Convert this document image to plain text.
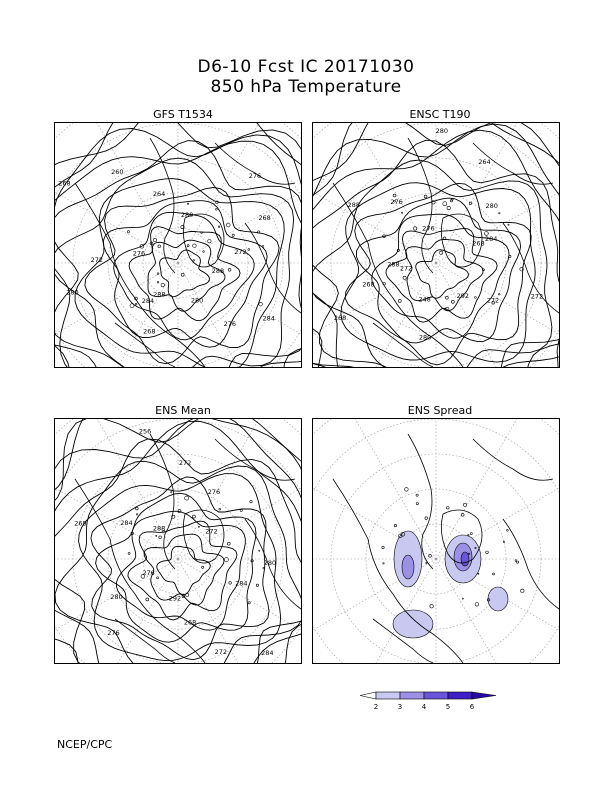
D6-10 Fcst IC 20171030
850 hPa Temperature
GFS T1534	ENSC T190
ENS Mean	ENS Spread
288
284
280
276
272
268
260
280
276	272
268
264
284
280
276
268
288	292
288
284
280
276
272
268
264
248
276
272
268
280
288
280
272
268
292
288
284
280
276
272
268
256
276
272
268
284
280
276
272
284
2	3	4	5	6
NCEP/CPC
